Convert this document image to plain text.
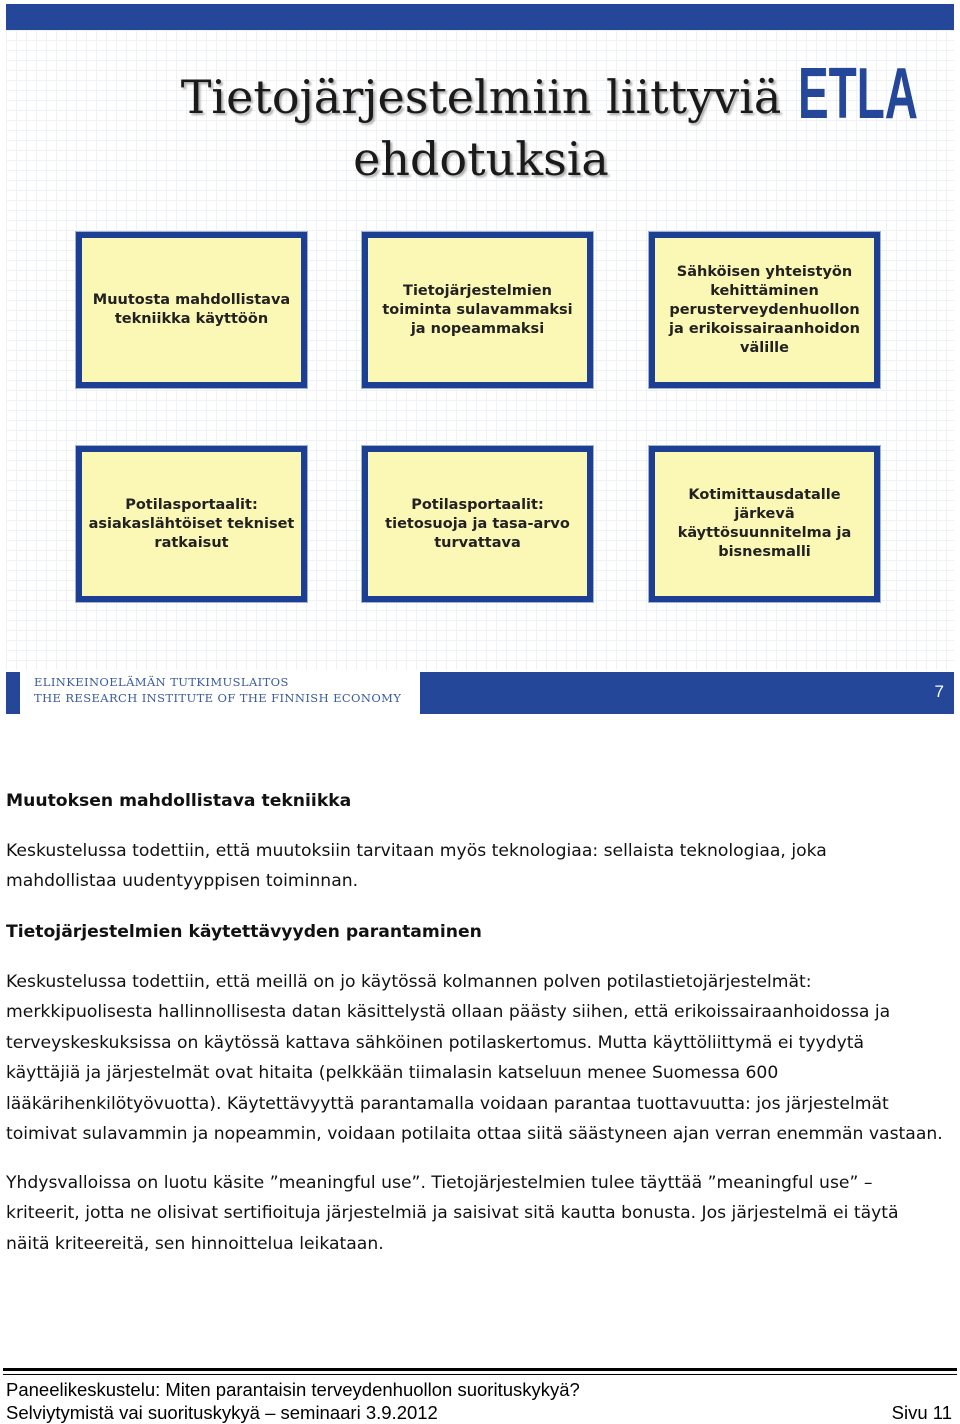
Tietojärjestelmiin liittyviä
ehdotuksia
ETLA
Muutosta mahdollistava tekniikka käyttöön
Tietojärjestelmien toiminta sulavammaksi ja nopeammaksi
Sähköisen yhteistyön kehittäminen perusterveydenhuollon ja erikoissairaanhoidon välille
Potilasportaalit: asiakaslähtöiset tekniset ratkaisut
Potilasportaalit: tietosuoja ja tasa-arvo turvattava
Kotimittausdatalle järkevä käyttösuunnitelma ja bisnesmalli
ELINKEINOELÄMÄN TUTKIMUSLAITOS
THE RESEARCH INSTITUTE OF THE FINNISH ECONOMY	7
Muutoksen mahdollistava tekniikka

Keskustelussa todettiin, että muutoksiin tarvitaan myös teknologiaa: sellaista teknologiaa, joka
mahdollistaa uudentyyppisen toiminnan.

Tietojärjestelmien käytettävyyden parantaminen

Keskustelussa todettiin, että meillä on jo käytössä kolmannen polven potilastietojärjestelmät:
merkkipuolisesta hallinnollisesta datan käsittelystä ollaan päästy siihen, että erikoissairaanhoidossa ja
terveyskeskuksissa on käytössä kattava sähköinen potilaskertomus. Mutta käyttöliittymä ei tyydytä
käyttäjiä ja järjestelmät ovat hitaita (pelkkään tiimalasin katseluun menee Suomessa 600
lääkärihenkilötyövuotta). Käytettävyyttä parantamalla voidaan parantaa tuottavuutta: jos järjestelmät
toimivat sulavammin ja nopeammin, voidaan potilaita ottaa siitä säästyneen ajan verran enemmän vastaan.

Yhdysvalloissa on luotu käsite ”meaningful use”. Tietojärjestelmien tulee täyttää ”meaningful use” –
kriteerit, jotta ne olisivat sertifioituja järjestelmiä ja saisivat sitä kautta bonusta. Jos järjestelmä ei täytä
näitä kriteereitä, sen hinnoittelua leikataan.

Paneelikeskustelu: Miten parantaisin terveydenhuollon suorituskykyä?
Selviytymistä vai suorituskykyä – seminaari 3.9.2012	Sivu 11
